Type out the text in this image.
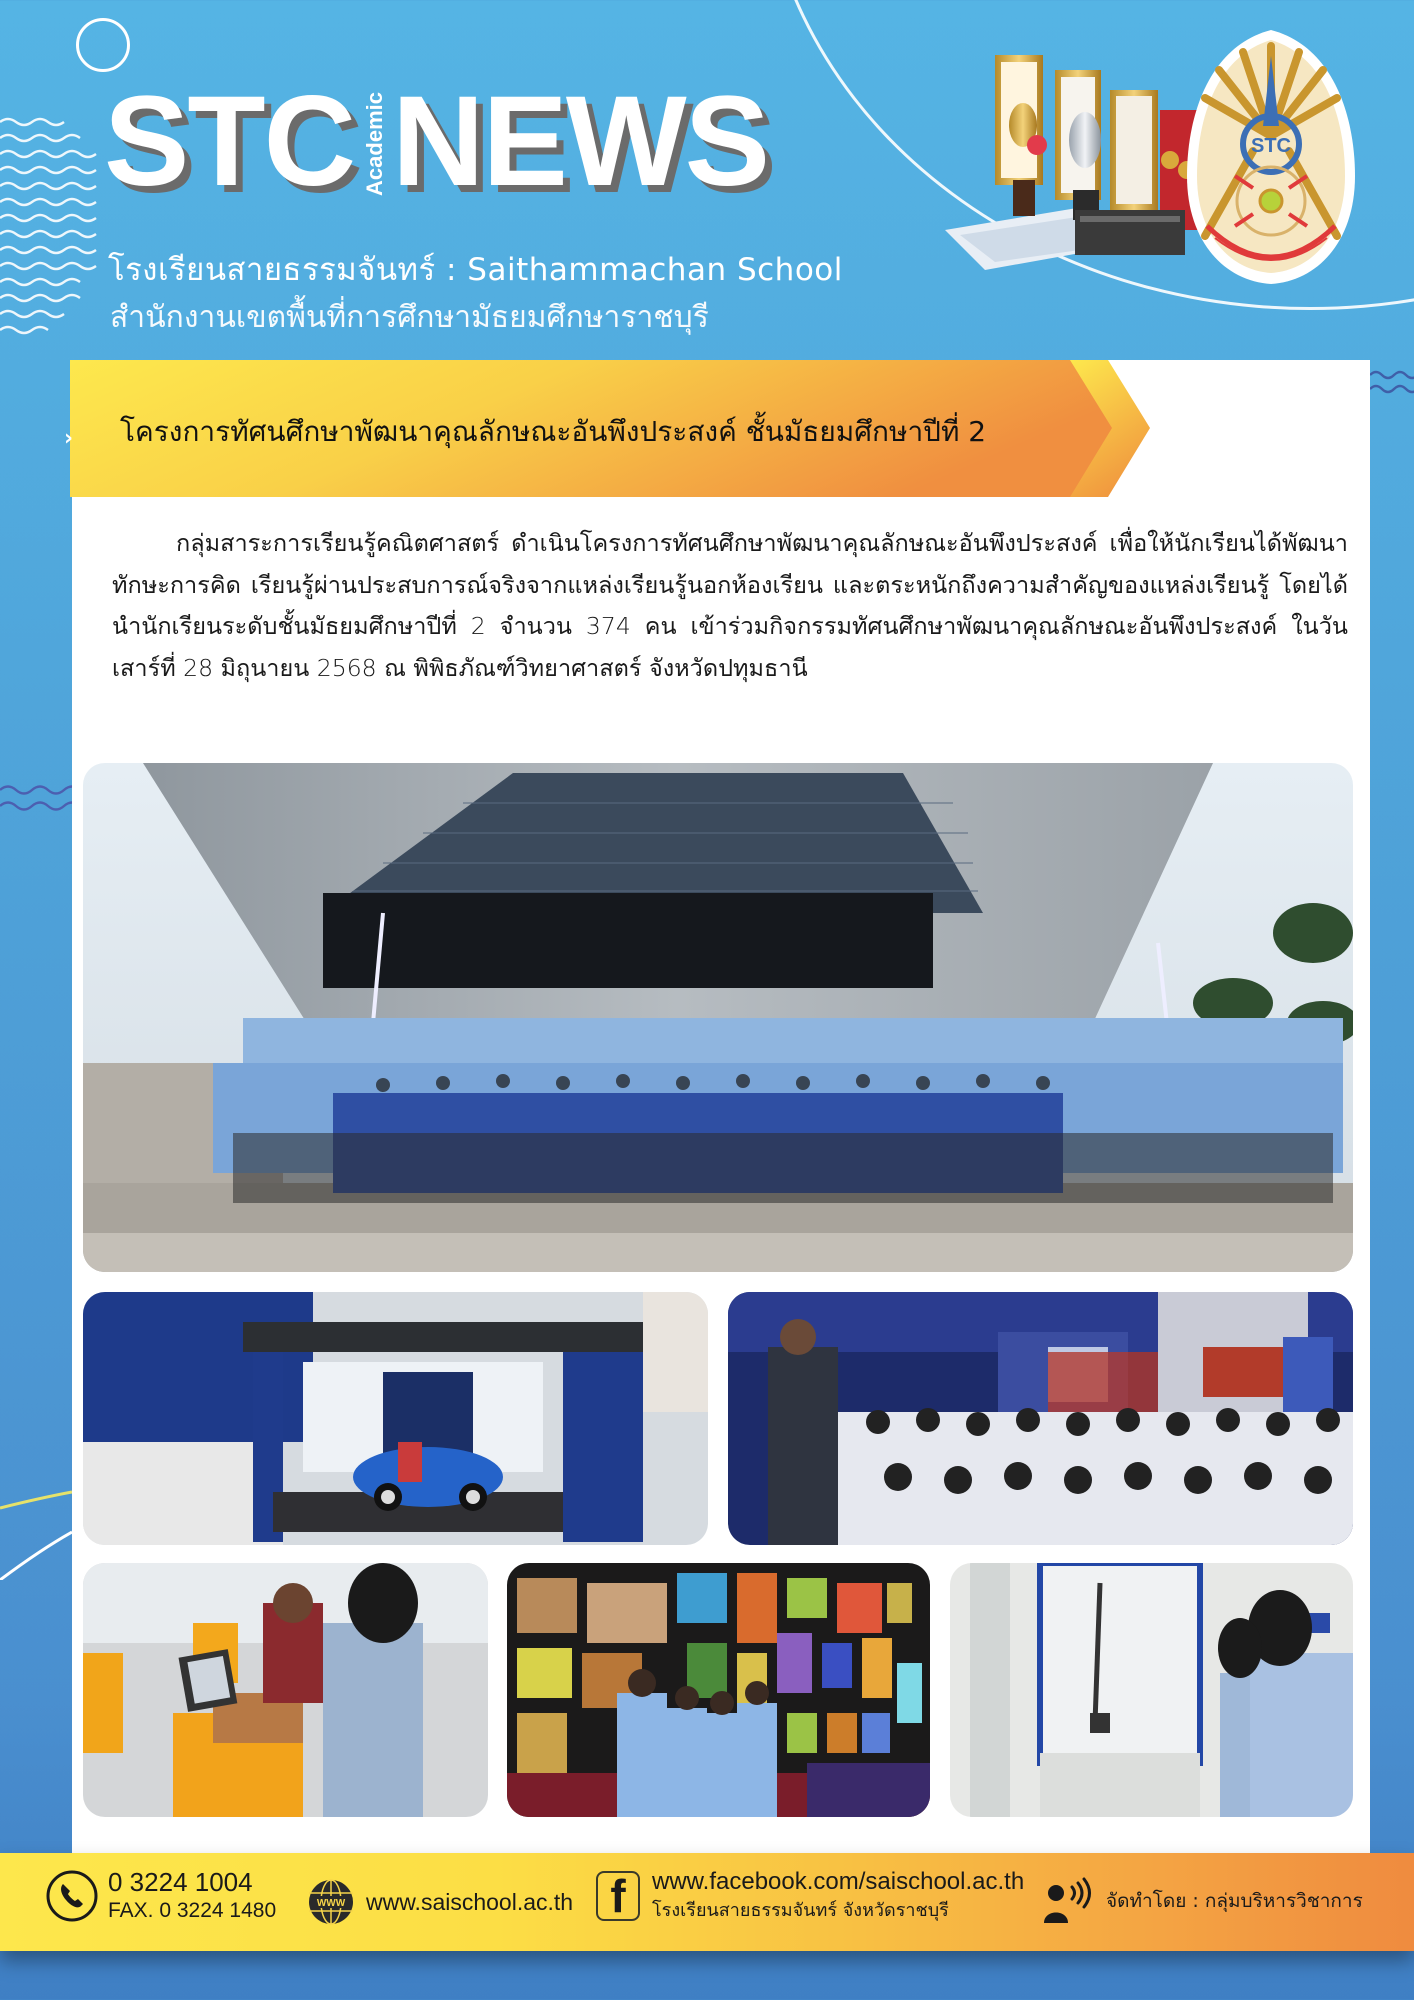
STC Academic NEWS
โรงเรียนสายธรรมจันทร์ : Saithammachan School
สำนักงานเขตพื้นที่การศึกษามัธยมศึกษาราชบุรี
STC
› โครงการทัศนศึกษาพัฒนาคุณลักษณะอันพึงประสงค์ ชั้นมัธยมศึกษาปีที่ 2

กลุ่มสาระการเรียนรู้คณิตศาสตร์ ดำเนินโครงการทัศนศึกษาพัฒนาคุณลักษณะอันพึงประสงค์ เพื่อให้นักเรียนได้พัฒนา ทักษะการคิด เรียนรู้ผ่านประสบการณ์จริงจากแหล่งเรียนรู้นอกห้องเรียน และตระหนักถึงความสำคัญของแหล่งเรียนรู้ โดยได้นำนักเรียนระดับชั้นมัธยมศึกษาปีที่ 2 จำนวน 374 คน เข้าร่วมกิจกรรมทัศนศึกษาพัฒนาคุณลักษณะอันพึงประสงค์ ในวันเสาร์ที่ 28 มิถุนายน 2568 ณ พิพิธภัณฑ์วิทยาศาสตร์ จังหวัดปทุมธานี

0 3224 1004
FAX. 0 3224 1480	WWW www.saischool.ac.th f	www.facebook.com/saischool.ac.th
โรงเรียนสายธรรมจันทร์ จังหวัดราชบุรี	จัดทำโดย : กลุ่มบริหารวิชาการ
